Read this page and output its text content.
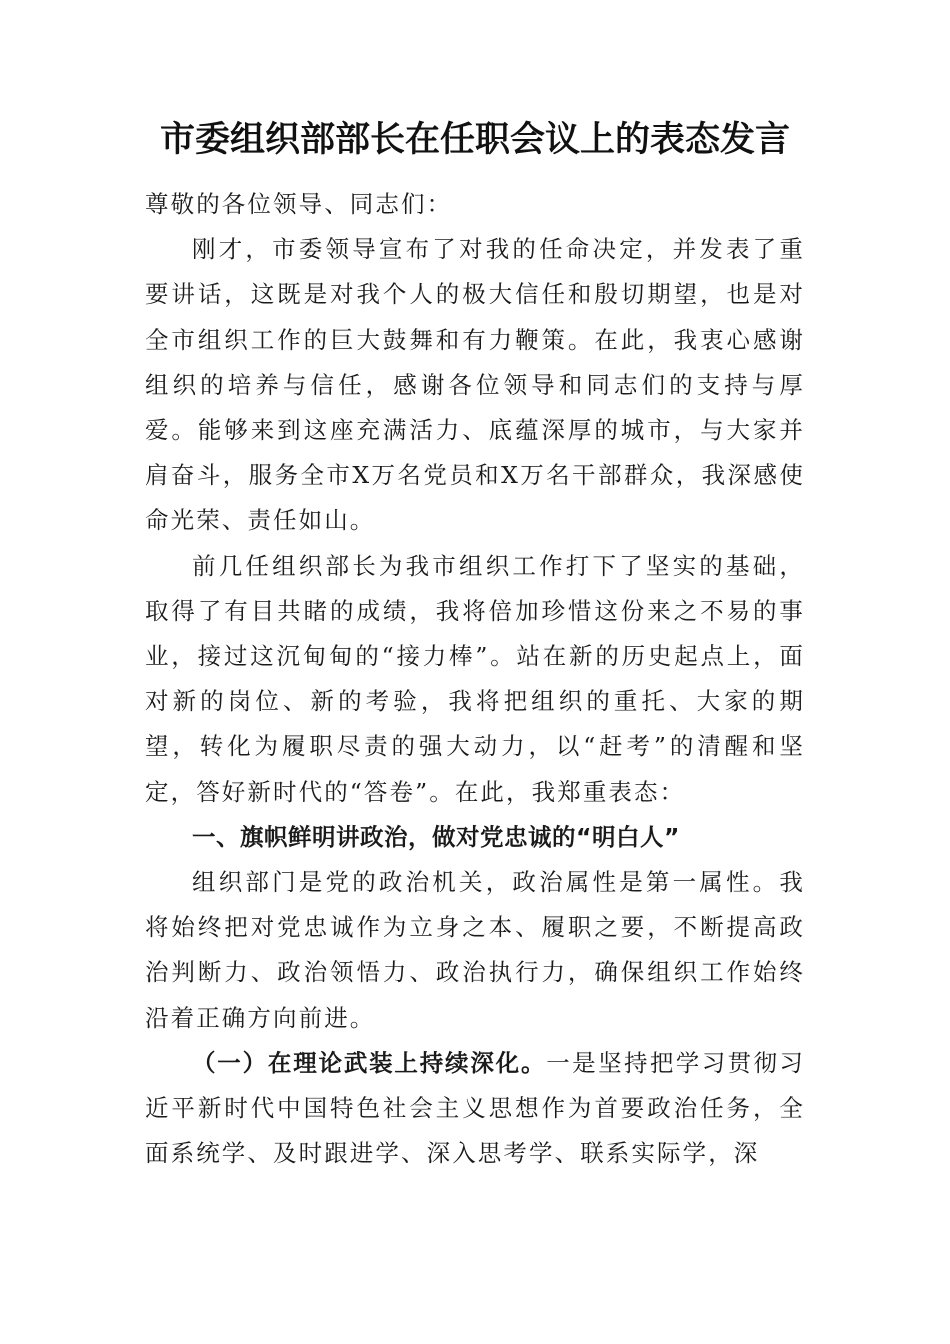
市委组织部部长在任职会议上的表态发言

尊敬的各位领导、同志们：

刚才，市委领导宣布了对我的任命决定，并发表了重要讲话，这既是对我个人的极大信任和殷切期望，也是对全市组织工作的巨大鼓舞和有力鞭策。在此，我衷心感谢组织的培养与信任，感谢各位领导和同志们的支持与厚爱。能够来到这座充满活力、底蕴深厚的城市，与大家并肩奋斗，服务全市X万名党员和X万名干部群众，我深感使命光荣、责任如山。

前几任组织部长为我市组织工作打下了坚实的基础，取得了有目共睹的成绩，我将倍加珍惜这份来之不易的事业，接过这沉甸甸的“接力棒”。站在新的历史起点上，面对新的岗位、新的考验，我将把组织的重托、大家的期望，转化为履职尽责的强大动力，以“赶考”的清醒和坚定，答好新时代的“答卷”。在此，我郑重表态：

一、旗帜鲜明讲政治，做对党忠诚的“明白人”

组织部门是党的政治机关，政治属性是第一属性。我将始终把对党忠诚作为立身之本、履职之要，不断提高政治判断力、政治领悟力、政治执行力，确保组织工作始终沿着正确方向前进。

（一）在理论武装上持续深化。一是坚持把学习贯彻习近平新时代中国特色社会主义思想作为首要政治任务，全面系统学、及时跟进学、深入思考学、联系实际学，深
